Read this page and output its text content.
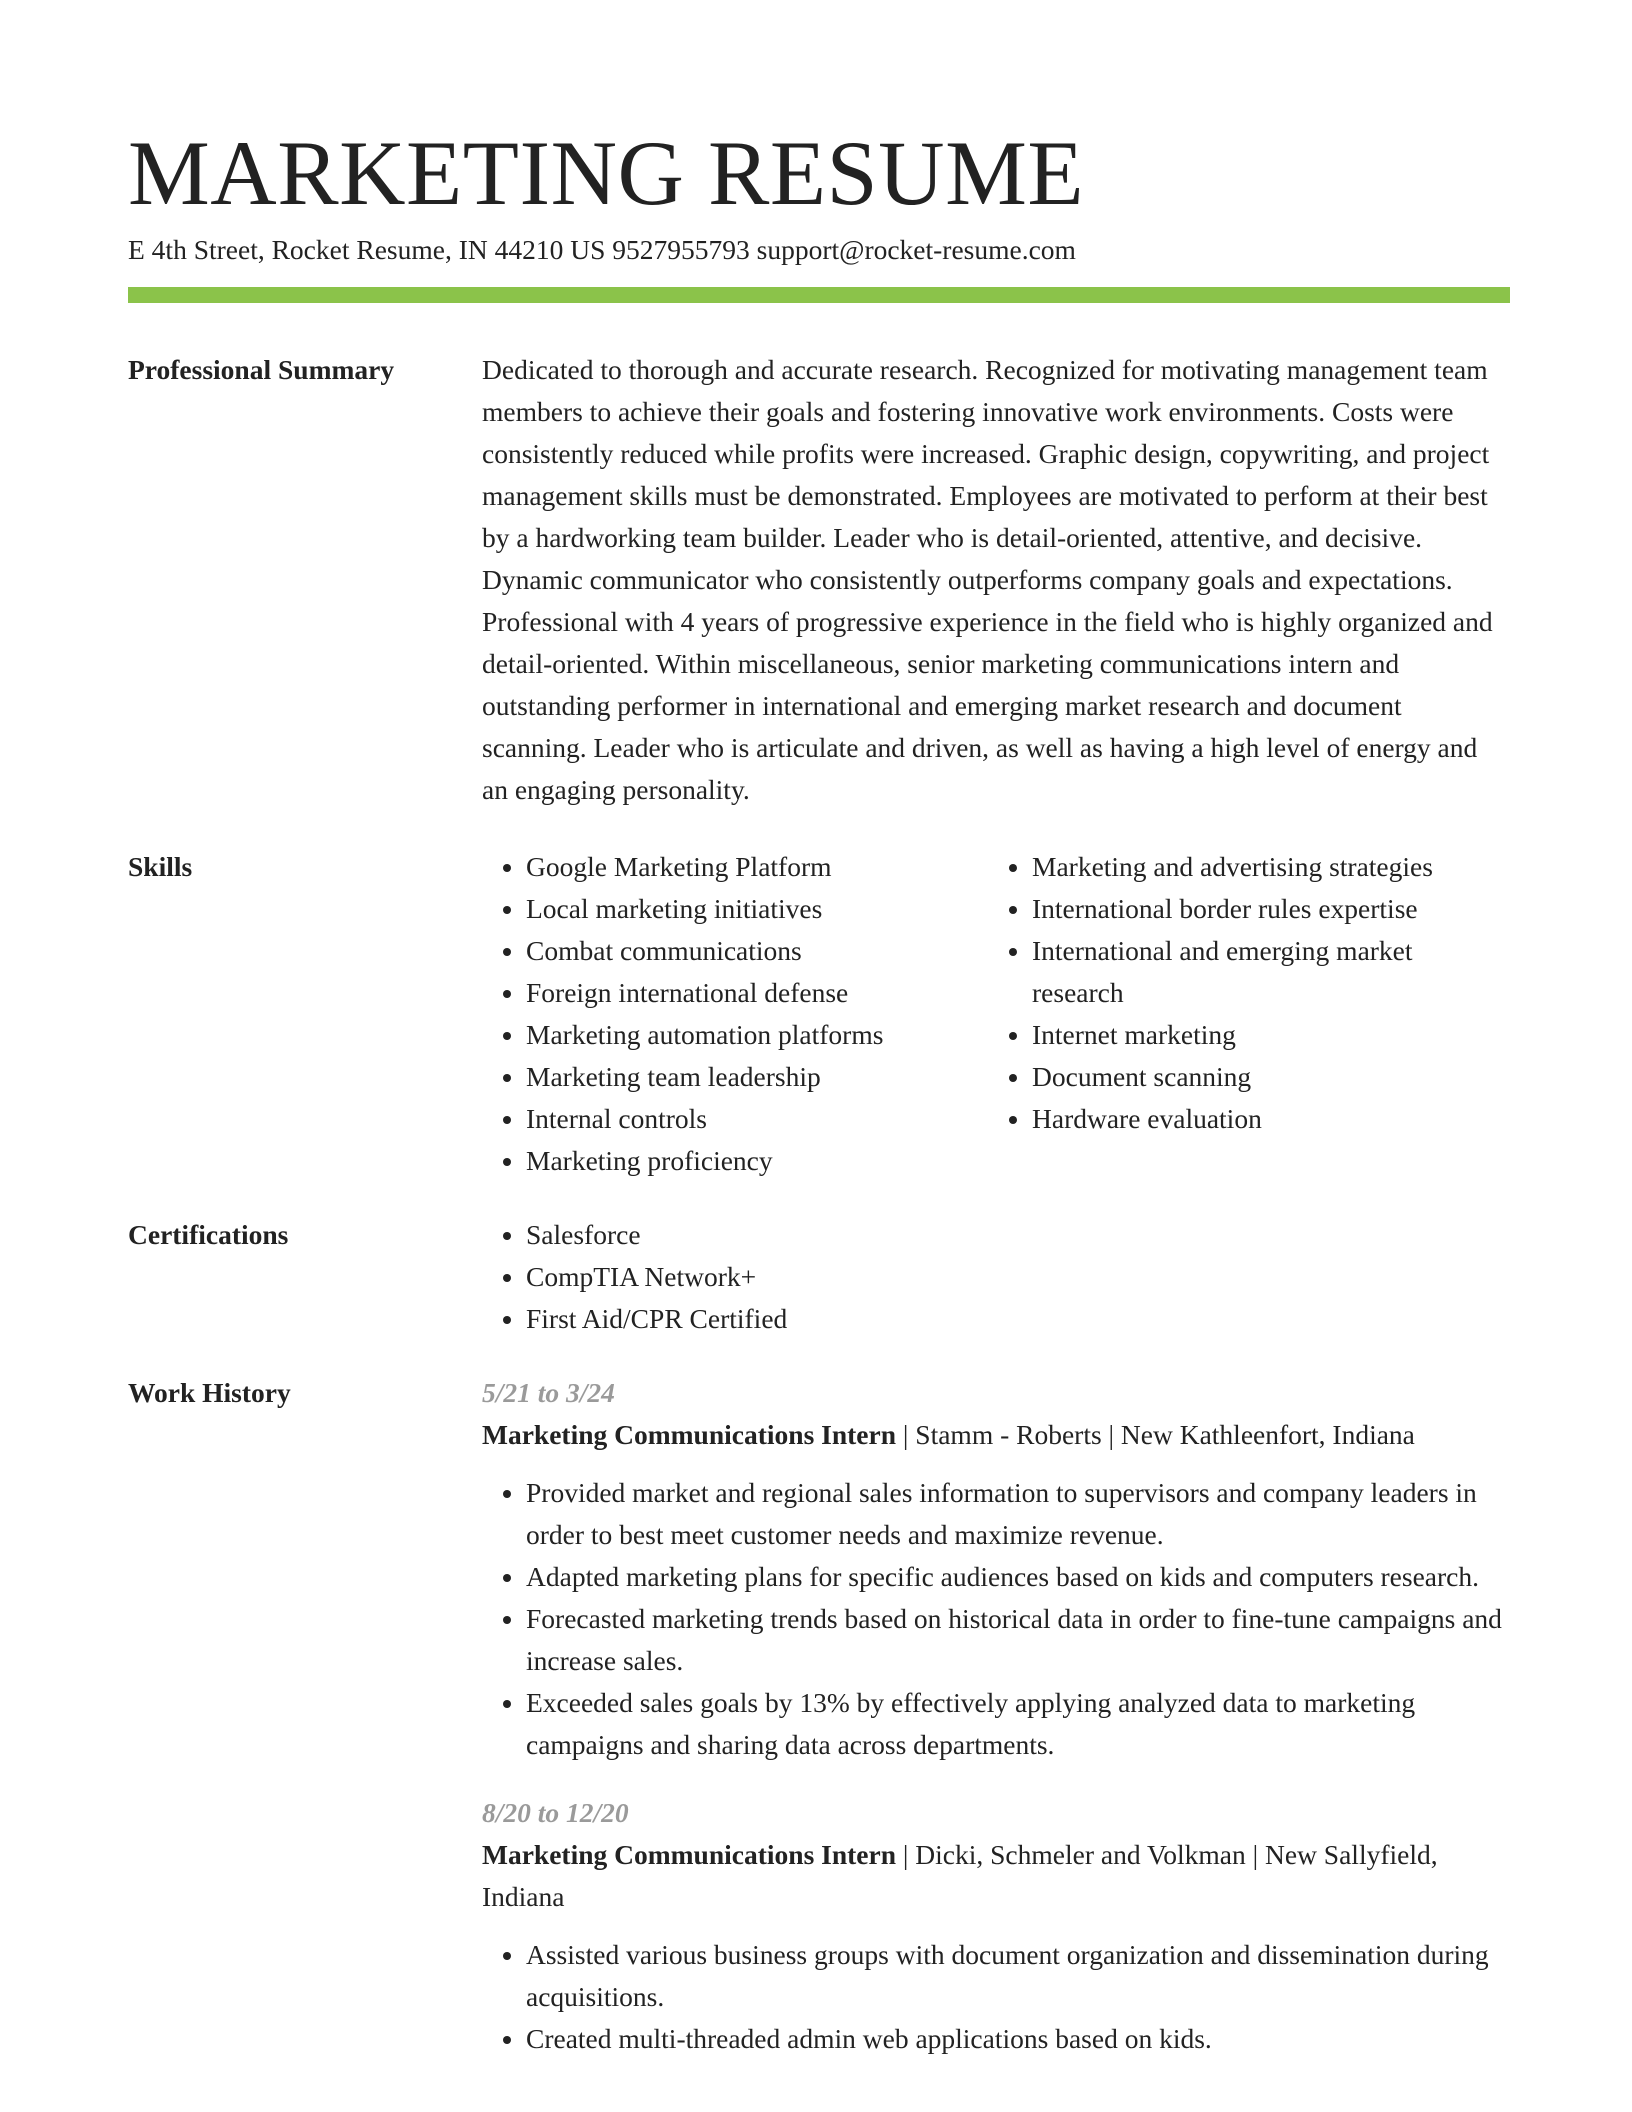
MARKETING RESUME
E 4th Street, Rocket Resume, IN 44210 US 9527955793 support@rocket-resume.com
Professional Summary	Dedicated to thorough and accurate research. Recognized for motivating management team members to achieve their goals and fostering innovative work environments. Costs were consistently reduced while profits were increased. Graphic design, copywriting, and project management skills must be demonstrated. Employees are motivated to perform at their best by a hardworking team builder. Leader who is detail-oriented, attentive, and decisive. Dynamic communicator who consistently outperforms company goals and expectations. Professional with 4 years of progressive experience in the field who is highly organized and detail-oriented. Within miscellaneous, senior marketing communications intern and outstanding performer in international and emerging market research and document scanning. Leader who is articulate and driven, as well as having a high level of energy and an engaging personality.

Skills	• Google Marketing Platform
• Local marketing initiatives
• Combat communications
• Foreign international defense
• Marketing automation platforms
• Marketing team leadership
• Internal controls
• Marketing proficiency
• Marketing and advertising strategies
• International border rules expertise
• International and emerging market research
• Internet marketing
• Document scanning
• Hardware evaluation
Certifications	• Salesforce
• CompTIA Network+
• First Aid/CPR Certified
Work History	5/21 to 3/24
Marketing Communications Intern | Stamm - Roberts | New Kathleenfort, Indiana
• Provided market and regional sales information to supervisors and company leaders in order to best meet customer needs and maximize revenue.
• Adapted marketing plans for specific audiences based on kids and computers research.
• Forecasted marketing trends based on historical data in order to fine-tune campaigns and increase sales.
• Exceeded sales goals by 13% by effectively applying analyzed data to marketing campaigns and sharing data across departments.
8/20 to 12/20
Marketing Communications Intern | Dicki, Schmeler and Volkman | New Sallyfield, Indiana
• Assisted various business groups with document organization and dissemination during acquisitions.
• Created multi-threaded admin web applications based on kids.
